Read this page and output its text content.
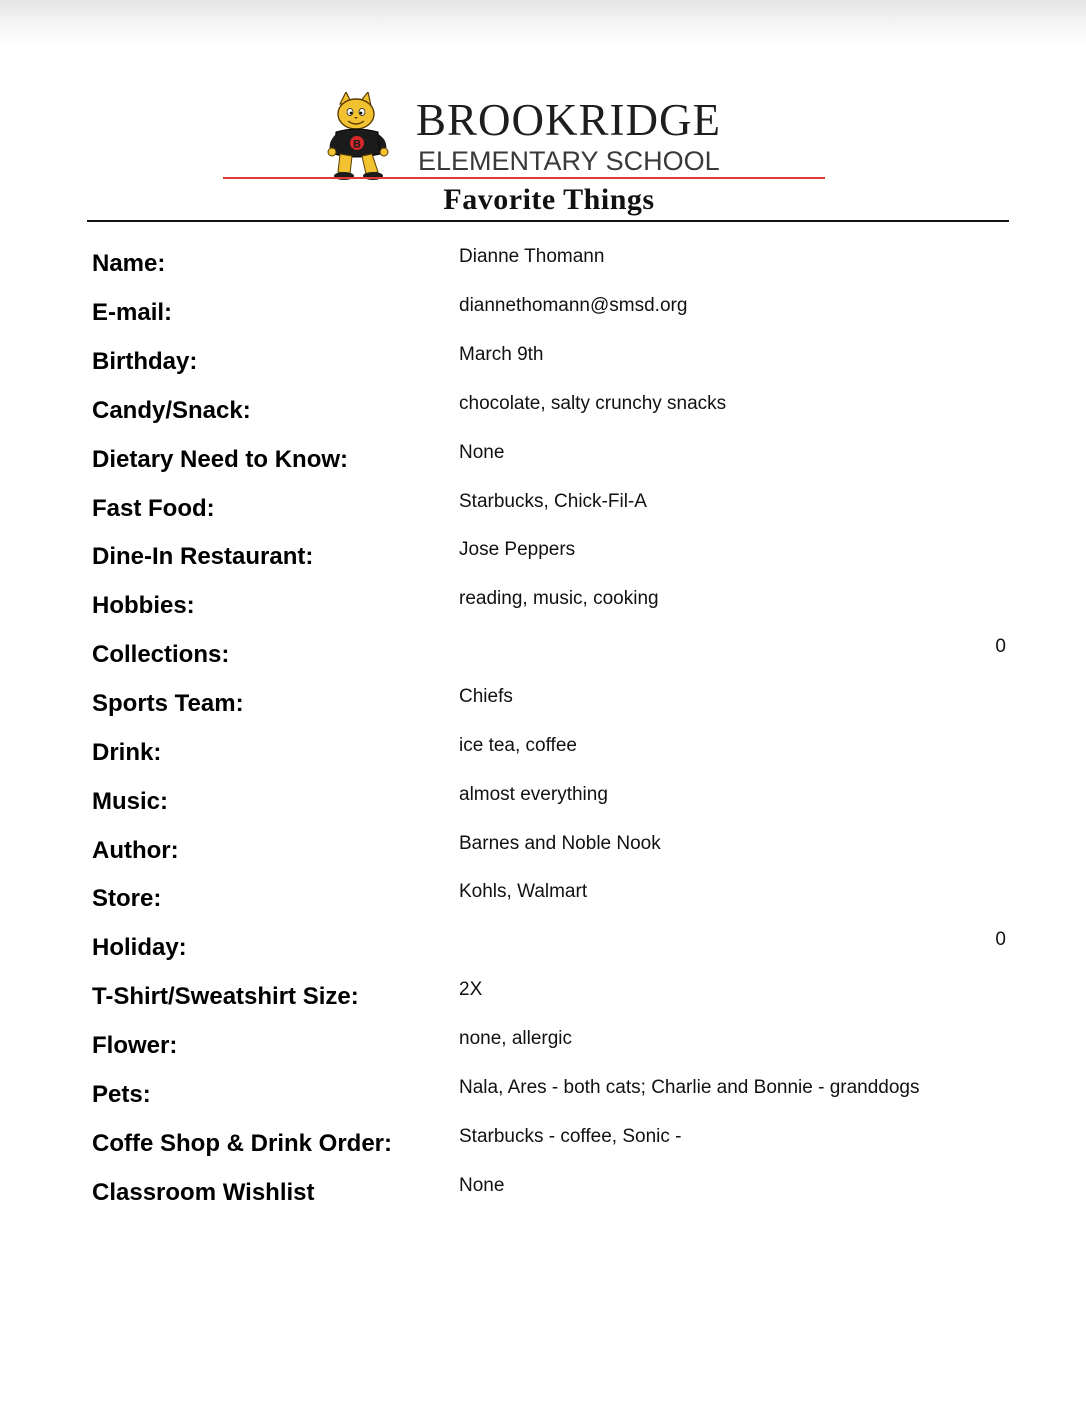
B BROOKRIDGE
ELEMENTARY SCHOOL
Favorite Things
Name:	Dianne Thomann
E-mail:	diannethomann@smsd.org
Birthday:	March 9th
Candy/Snack:	chocolate, salty crunchy snacks
Dietary Need to Know:	None
Fast Food:	Starbucks, Chick-Fil-A
Dine-In Restaurant:	Jose Peppers
Hobbies:	reading, music, cooking
Collections:	0
Sports Team:	Chiefs
Drink:	ice tea, coffee
Music:	almost everything
Author:	Barnes and Noble Nook
Store:	Kohls, Walmart
Holiday:	0
T-Shirt/Sweatshirt Size:	2X
Flower:	none, allergic
Pets:	Nala, Ares - both cats; Charlie and Bonnie - granddogs
Coffe Shop & Drink Order:	Starbucks - coffee, Sonic -
Classroom Wishlist	None
